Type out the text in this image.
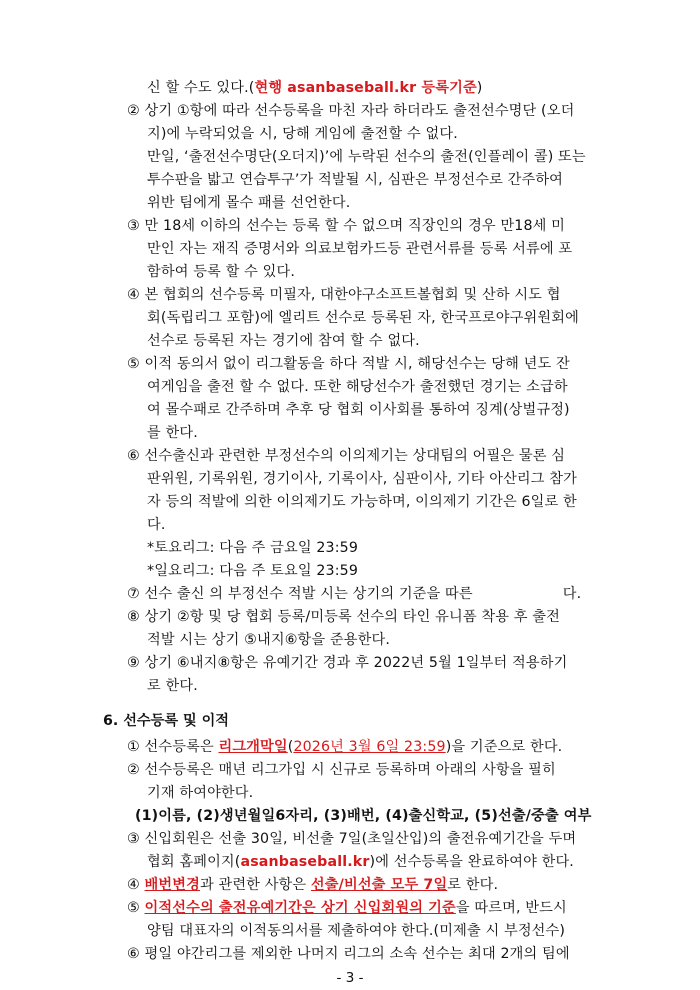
신 할 수도 있다.(현행 asanbaseball.kr 등록기준)
② 상기 ①항에 따라 선수등록을 마친 자라 하더라도 출전선수명단 (오더
지)에 누락되었을 시, 당해 게임에 출전할 수 없다.
만일, ‘출전선수명단(오더지)’에 누락된 선수의 출전(인플레이 콜) 또는
투수판을 밟고 연습투구’가 적발될 시, 심판은 부정선수로 간주하여
위반 팀에게 몰수 패를 선언한다.
③ 만 18세 이하의 선수는 등록 할 수 없으며 직장인의 경우 만18세 미
만인 자는 재직 증명서와 의료보험카드등 관련서류를 등록 서류에 포
함하여 등록 할 수 있다.
④ 본 협회의 선수등록 미필자, 대한야구소프트볼협회 및 산하 시도 협
회(독립리그 포함)에 엘리트 선수로 등록된 자, 한국프로야구위원회에
선수로 등록된 자는 경기에 참여 할 수 없다.
⑤ 이적 동의서 없이 리그활동을 하다 적발 시, 해당선수는 당해 년도 잔
여게임을 출전 할 수 없다. 또한 해당선수가 출전했던 경기는 소급하
여 몰수패로 간주하며 추후 당 협회 이사회를 통하여 징계(상벌규정)
를 한다.
⑥ 선수출신과 관련한 부정선수의 이의제기는 상대팀의 어필은 물론 심
판위원, 기록위원, 경기이사, 기록이사, 심판이사, 기타 아산리그 참가
자 등의 적발에 의한 이의제기도 가능하며, 이의제기 기간은 6일로 한
다.
*토요리그: 다음 주 금요일 23:59
*일요리그: 다음 주 토요일 23:59
⑦ 선수 출신 의 부정선수 적발 시는 상기의 기준을 따른	다.
⑧ 상기 ②항 및 당 협회 등록/미등록 선수의 타인 유니폼 착용 후 출전
적발 시는 상기 ⑤내지⑥항을 준용한다.
⑨ 상기 ⑥내지⑧항은 유예기간 경과 후 2022년 5월 1일부터 적용하기
로 한다.
6. 선수등록 및 이적
① 선수등록은 리그개막일(2026년 3월 6일 23:59)을 기준으로 한다.
② 선수등록은 매년 리그가입 시 신규로 등록하며 아래의 사항을 필히
기재 하여야한다.
(1)이름, (2)생년월일6자리, (3)배번, (4)출신학교, (5)선출/중출 여부
③ 신입회원은 선출 30일, 비선출 7일(초일산입)의 출전유예기간을 두며
협회 홈페이지(asanbaseball.kr)에 선수등록을 완료하여야 한다.
④ 배번변경과 관련한 사항은 선출/비선출 모두 7일로 한다.
⑤ 이적선수의 출전유예기간은 상기 신입회원의 기준을 따르며, 반드시
양팀 대표자의 이적동의서를 제출하여야 한다.(미제출 시 부정선수)
⑥ 평일 야간리그를 제외한 나머지 리그의 소속 선수는 최대 2개의 팀에
- 3 -
